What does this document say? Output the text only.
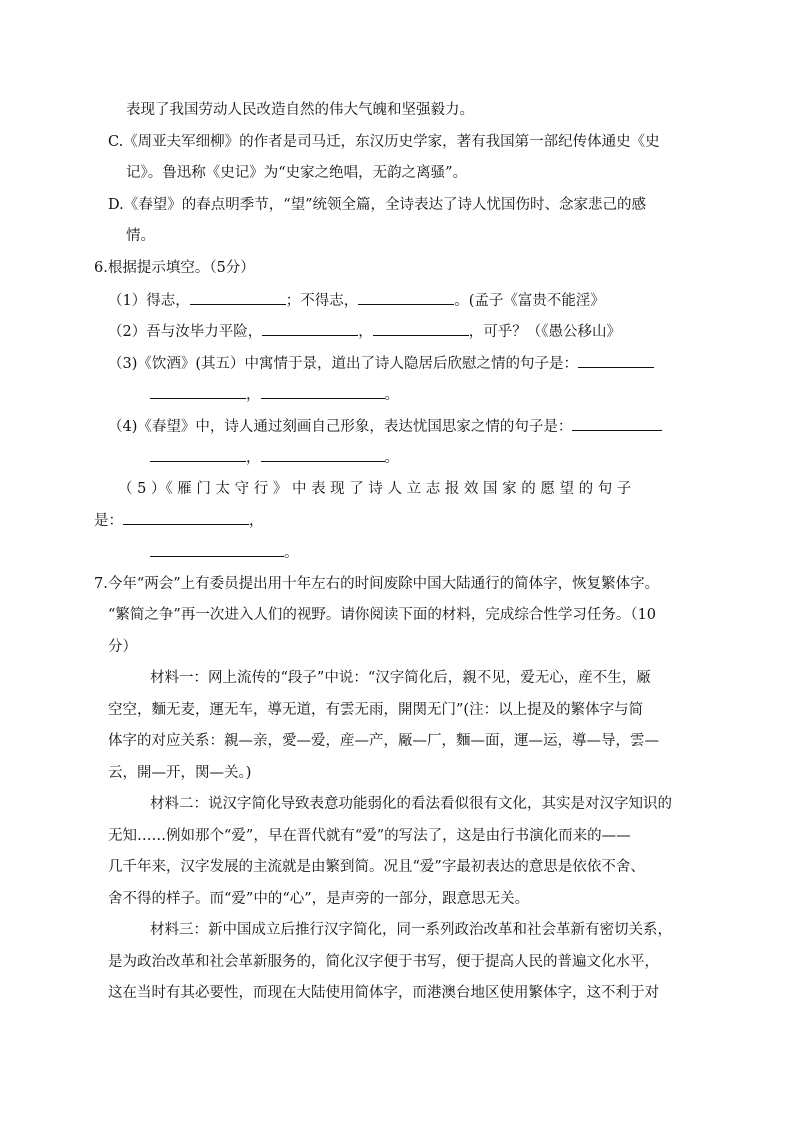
表现了我国劳动人民改造自然的伟大气魄和坚强毅力。
C.《周亚夫军细柳》的作者是司马迁，东汉历史学家，著有我国第一部纪传体通史《史
记》。鲁迅称《史记》为“史家之绝唱，无韵之离骚”。
D.《春望》的春点明季节，“望”统领全篇，全诗表达了诗人忧国伤时、念家悲己的感
情。
6.根据提示填空。（5分）
（1）得志，	；不得志，	。(孟子《富贵不能淫》
（2）吾与汝毕力平险，	，	，可乎？（《愚公移山》
（3)《饮酒》(其五）中寓情于景，道出了诗人隐居后欣慰之情的句子是：
，	。
（4)《春望》中，诗人通过刻画自己形象，表达忧国思家之情的句子是：
，	。
（ 5 ）《 雁 门 太 守 行 》 中 表 现 了 诗 人 立 志 报 效 国 家 的 愿 望 的 句 子
是：	，
。
7.今年“两会”上有委员提出用十年左右的时间废除中国大陆通行的简体字，恢复繁体字。
“繁简之争”再一次进入人们的视野。请你阅读下面的材料，完成综合性学习任务。（10
分）
材料一：网上流传的“段子”中说：“汉字简化后，親不见，爱无心，産不生，厰
空空，麵无麦，運无车，導无道，有雲无雨，開関无门”(注：以上提及的繁体字与简
体字的对应关系：親—亲，愛—爱，産—产，厰—厂，麵—面，運—运，導—导，雲—
云，開—开，関—关。)
材料二：说汉字简化导致表意功能弱化的看法看似很有文化，其实是对汉字知识的
无知……例如那个“爱”，早在晋代就有“爱”的写法了，这是由行书演化而来的——
几千年来，汉字发展的主流就是由繁到简。况且“爱”字最初表达的意思是依依不舍、
舍不得的样子。而“爱”中的“心”，是声旁的一部分，跟意思无关。
材料三：新中国成立后推行汉字简化，同一系列政治改革和社会革新有密切关系，
是为政治改革和社会革新服务的，简化汉字便于书写，便于提高人民的普遍文化水平，
这在当时有其必要性，而现在大陆使用简体字，而港澳台地区使用繁体字，这不利于对
